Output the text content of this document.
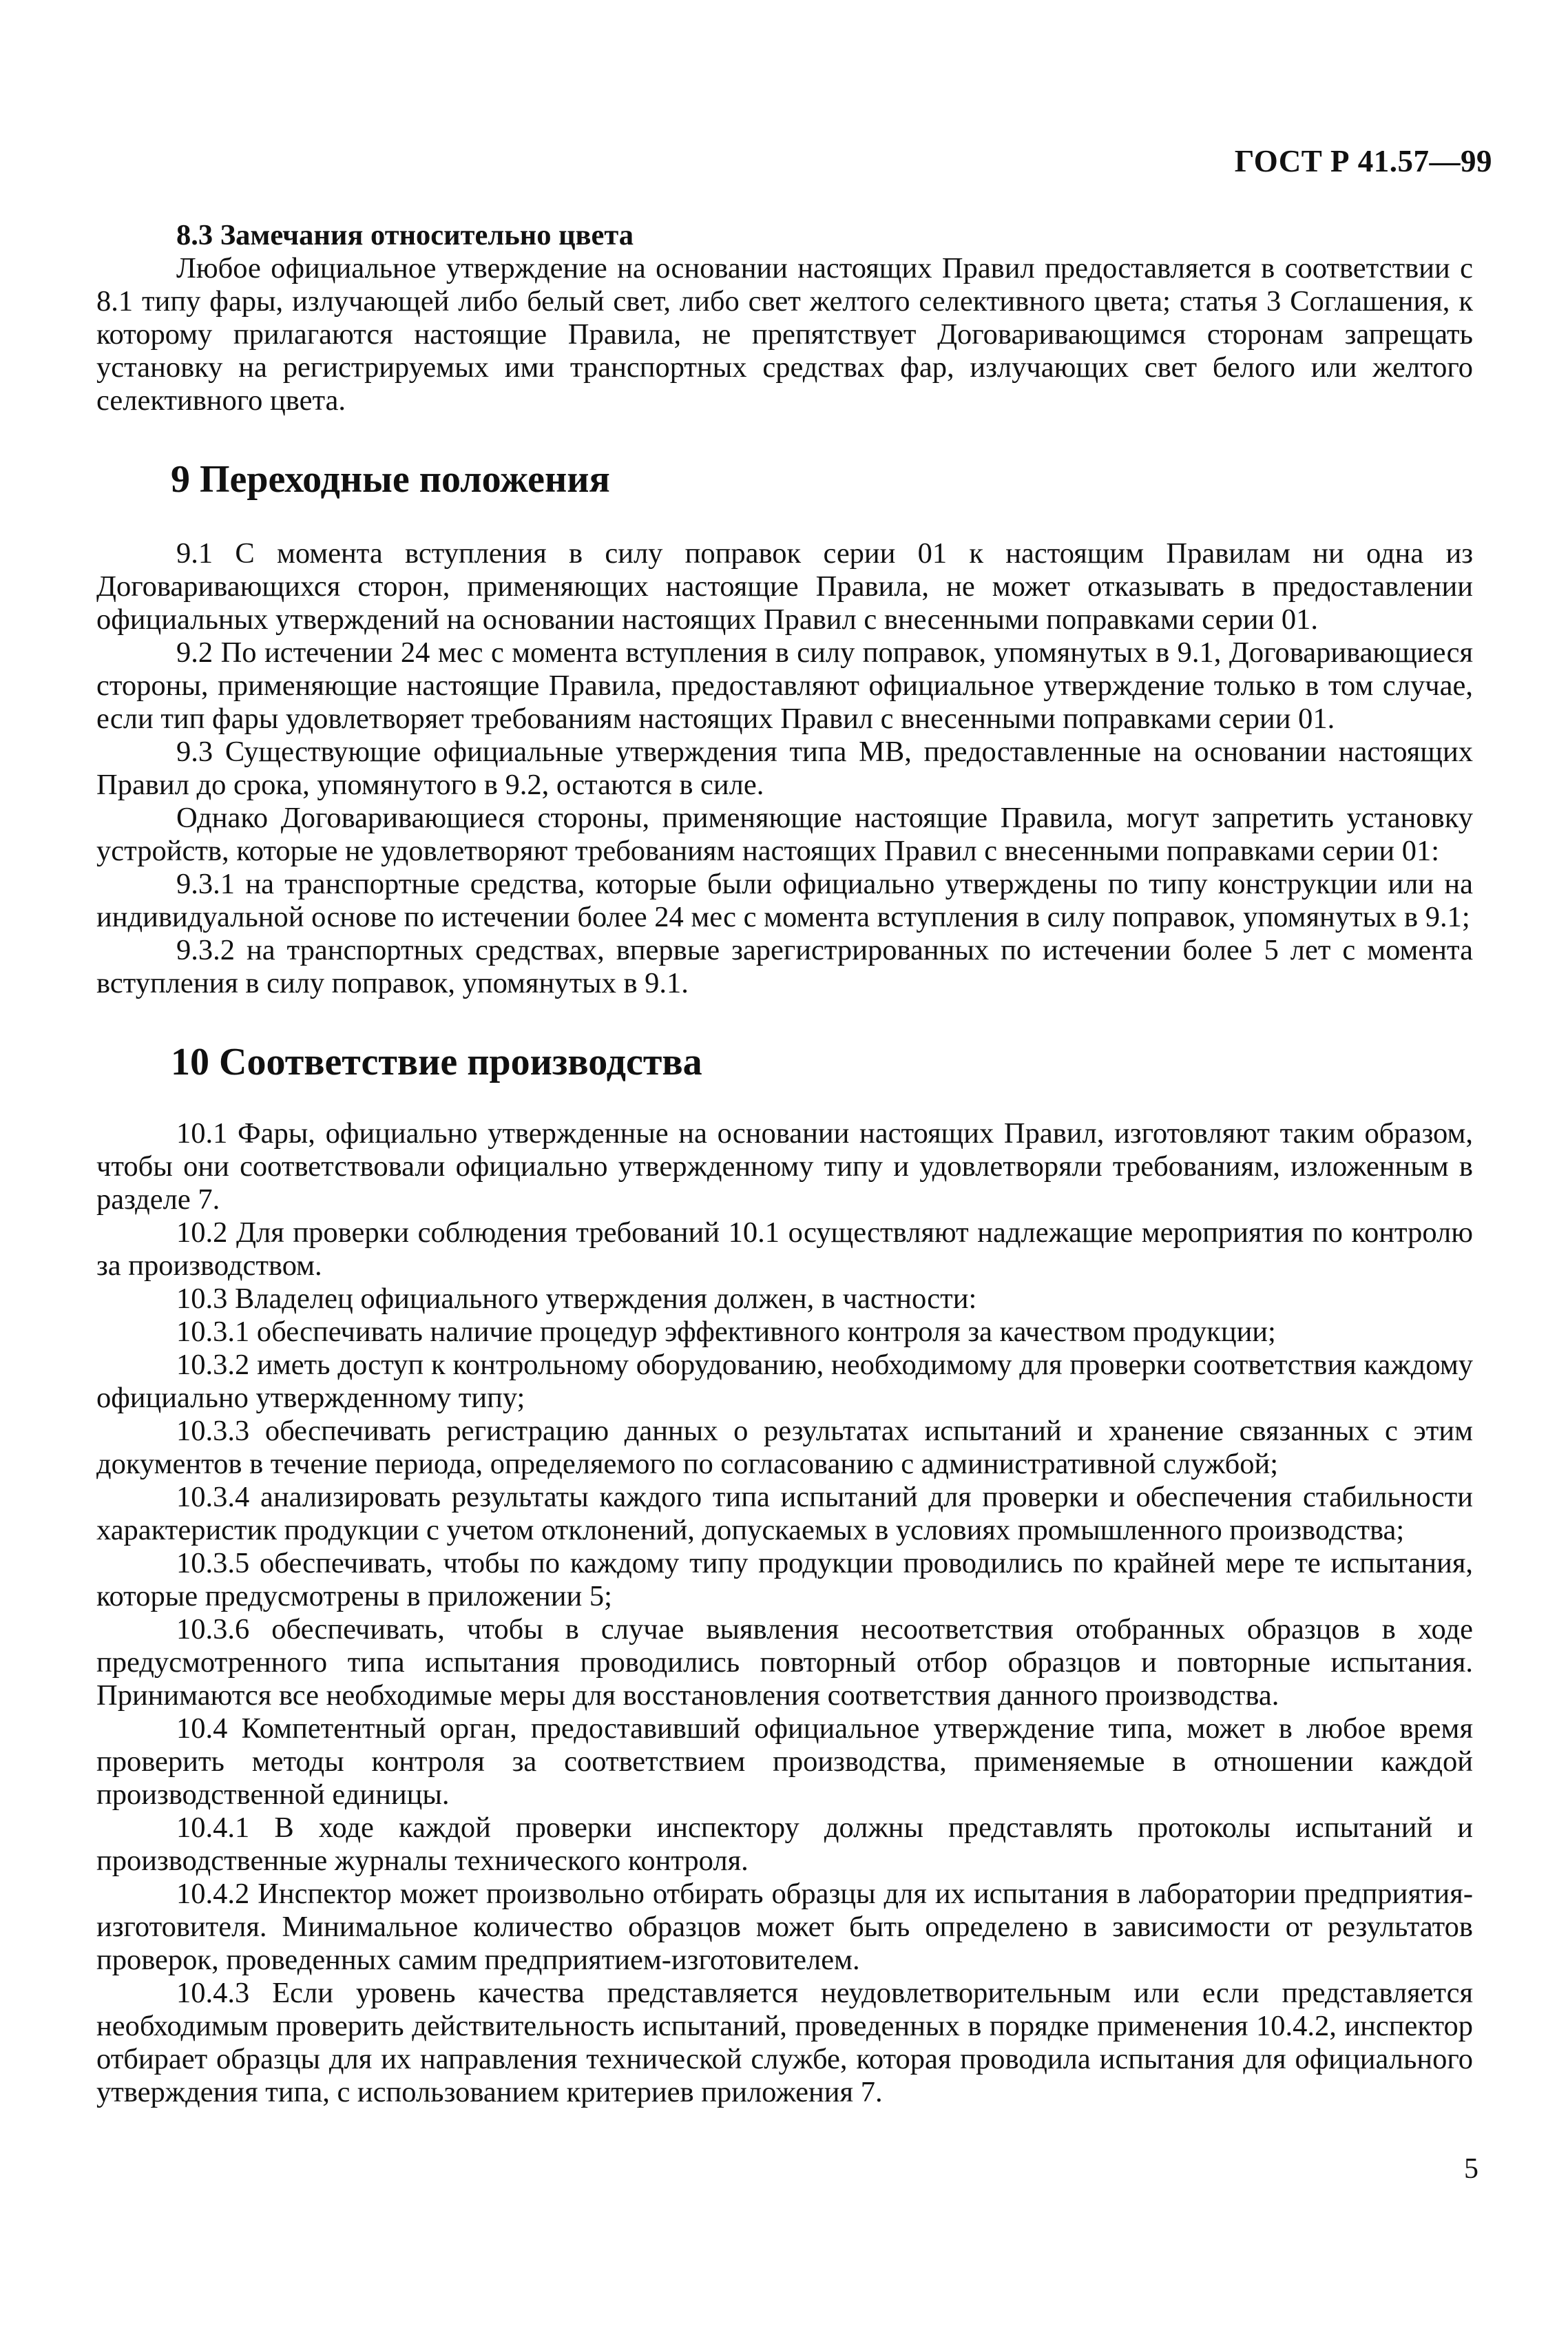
ГОСТ Р 41.57—99

8.3 Замечания относительно цвета

Любое официальное утверждение на основании настоящих Правил предоставляется в соответствии с 8.1 типу фары, излучающей либо белый свет, либо свет желтого селективного цвета; статья 3 Соглашения, к которому прилагаются настоящие Правила, не препятствует Договаривающимся сторонам запрещать установку на регистрируемых ими транспортных средствах фар, излучающих свет белого или желтого селективного цвета.

9 Переходные положения

9.1 С момента вступления в силу поправок серии 01 к настоящим Правилам ни одна из Договаривающихся сторон, применяющих настоящие Правила, не может отказывать в предоставлении официальных утверждений на основании настоящих Правил с внесенными поправками серии 01.

9.2 По истечении 24 мес с момента вступления в силу поправок, упомянутых в 9.1, Договаривающиеся стороны, применяющие настоящие Правила, предоставляют официальное утверждение только в том случае, если тип фары удовлетворяет требованиям настоящих Правил с внесенными поправками серии 01.

9.3 Существующие официальные утверждения типа МВ, предоставленные на основании настоящих Правил до срока, упомянутого в 9.2, остаются в силе.

Однако Договаривающиеся стороны, применяющие настоящие Правила, могут запретить установку устройств, которые не удовлетворяют требованиям настоящих Правил с внесенными поправками серии 01:

9.3.1 на транспортные средства, которые были официально утверждены по типу конструкции или на индивидуальной основе по истечении более 24 мес с момента вступления в силу поправок, упомянутых в 9.1;

9.3.2 на транспортных средствах, впервые зарегистрированных по истечении более 5 лет с момента вступления в силу поправок, упомянутых в 9.1.

10 Соответствие производства

10.1 Фары, официально утвержденные на основании настоящих Правил, изготовляют таким образом, чтобы они соответствовали официально утвержденному типу и удовлетворяли требованиям, изложенным в разделе 7.

10.2 Для проверки соблюдения требований 10.1 осуществляют надлежащие мероприятия по контролю за производством.

10.3 Владелец официального утверждения должен, в частности:

10.3.1 обеспечивать наличие процедур эффективного контроля за качеством продукции;

10.3.2 иметь доступ к контрольному оборудованию, необходимому для проверки соответствия каждому официально утвержденному типу;

10.3.3 обеспечивать регистрацию данных о результатах испытаний и хранение связанных с этим документов в течение периода, определяемого по согласованию с административной службой;

10.3.4 анализировать результаты каждого типа испытаний для проверки и обеспечения стабильности характеристик продукции с учетом отклонений, допускаемых в условиях промышленного производства;

10.3.5 обеспечивать, чтобы по каждому типу продукции проводились по крайней мере те испытания, которые предусмотрены в приложении 5;

10.3.6 обеспечивать, чтобы в случае выявления несоответствия отобранных образцов в ходе предусмотренного типа испытания проводились повторный отбор образцов и повторные испытания. Принимаются все необходимые меры для восстановления соответствия данного производства.

10.4 Компетентный орган, предоставивший официальное утверждение типа, может в любое время проверить методы контроля за соответствием производства, применяемые в отношении каждой производственной единицы.

10.4.1 В ходе каждой проверки инспектору должны представлять протоколы испытаний и производственные журналы технического контроля.

10.4.2 Инспектор может произвольно отбирать образцы для их испытания в лаборатории предприятия-изготовителя. Минимальное количество образцов может быть определено в зависимости от результатов проверок, проведенных самим предприятием-изготовителем.

10.4.3 Если уровень качества представляется неудовлетворительным или если представляется необходимым проверить действительность испытаний, проведенных в порядке применения 10.4.2, инспектор отбирает образцы для их направления технической службе, которая проводила испытания для официального утверждения типа, с использованием критериев приложения 7.

5
